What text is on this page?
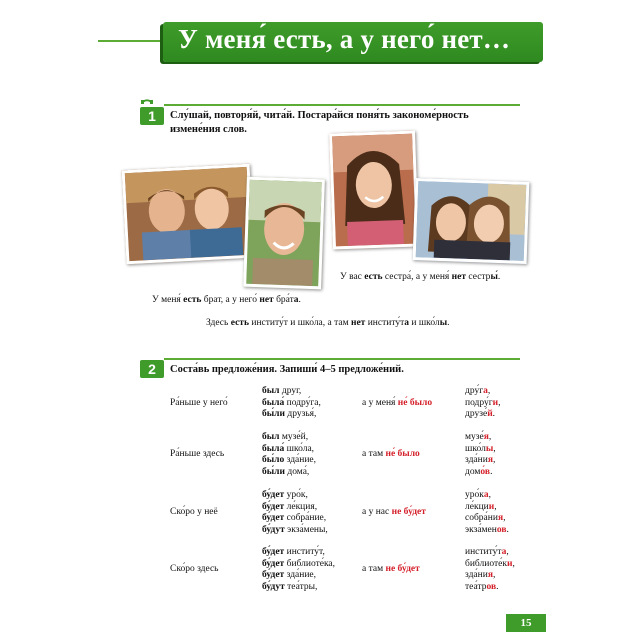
У меня́ есть, а у него́ нет…
1	Слу́шай, повторя́й, чита́й. Постара́йся поня́ть закономе́рность измене́ния слов.
У меня́ есть брат, а у него́ нет бра́та.
У вас есть сестра́, а у меня́ нет сестры́.
Здесь есть институ́т и шко́ла, а там нет институ́та и шко́лы.
2	Соста́вь предложе́ния. Запиши́ 4–5 предложе́ний.
Ра́ньше у него́
был друг,
была́ подру́га,
бы́ли друзья́,
а у меня́ не́ было
дру́га,
подру́ги,
друзе́й.
Ра́ньше здесь
был музе́й,
была́ шко́ла,
бы́ло зда́ние,
бы́ли дома́,
а там не́ было
музе́я,
шко́лы,
зда́ния,
домо́в.
Ско́ро у неё
бу́дет уро́к,
бу́дет ле́кция,
бу́дет собра́ние,
бу́дут экза́мены,
а у нас не бу́дет
уро́ка,
ле́кции,
собра́ния,
экза́менов.
Ско́ро здесь
бу́дет институ́т,
бу́дет библиоте́ка,
бу́дет зда́ние,
бу́дут теа́тры,
а там не бу́дет
институ́та,
библиоте́ки,
зда́ния,
теа́тров.
15
